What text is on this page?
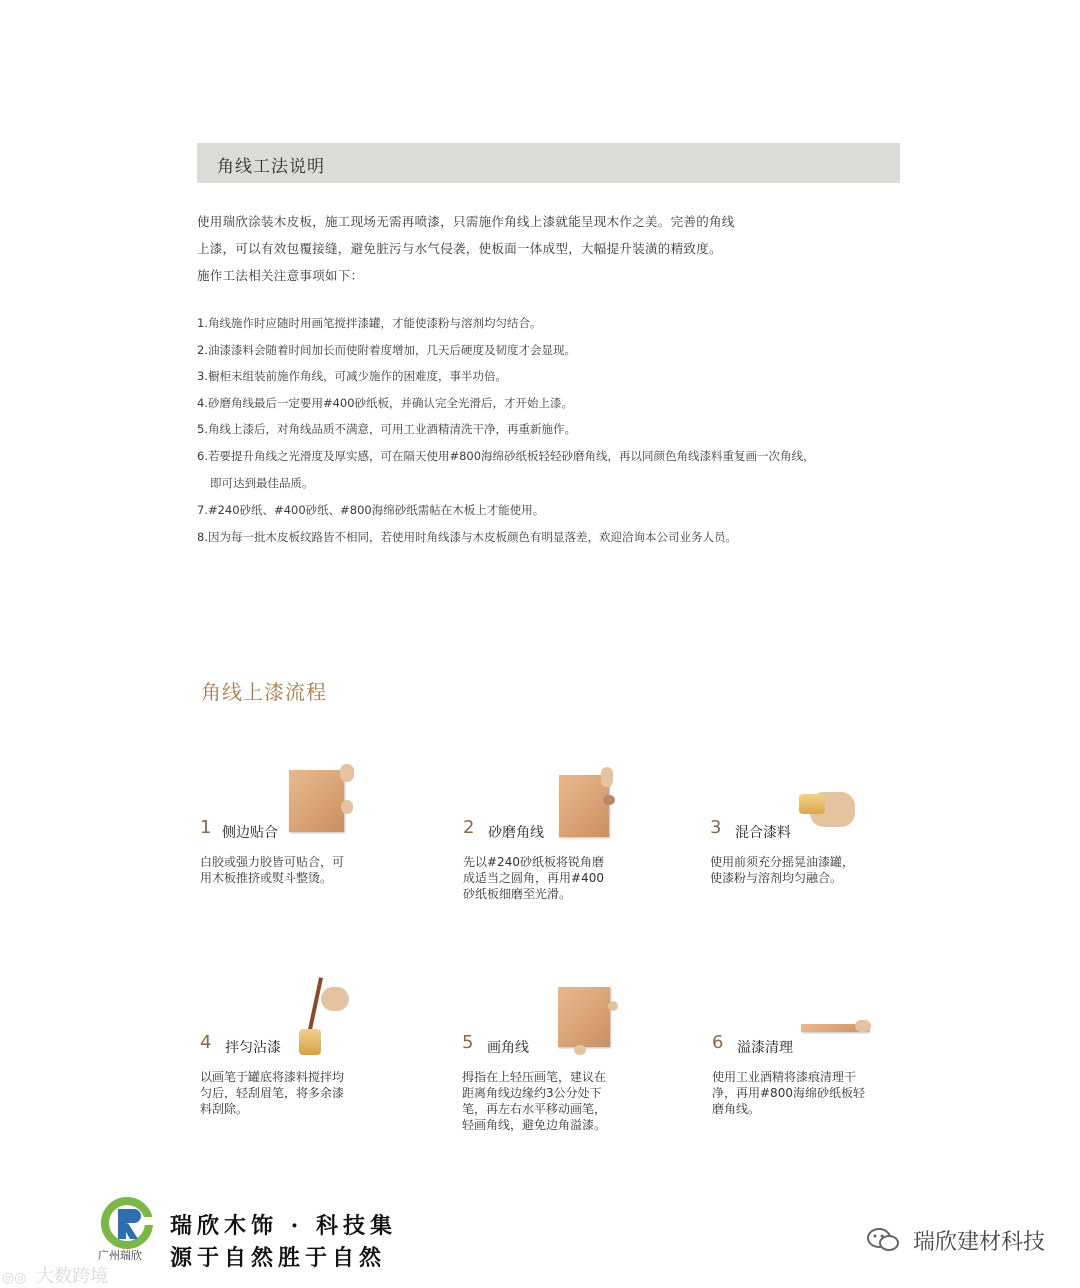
角线工法说明
使用瑞欣涂装木皮板，施工现场无需再喷漆，只需施作角线上漆就能呈现木作之美。完善的角线
上漆，可以有效包覆接缝，避免脏污与水气侵袭，使板面一体成型，大幅提升装潢的精致度。
施作工法相关注意事项如下：
1.角线施作时应随时用画笔搅拌漆罐，才能使漆粉与溶剂均匀结合。
2.油漆漆料会随着时间加长而使附着度增加，几天后硬度及韧度才会显现。
3.橱柜未组装前施作角线，可减少施作的困难度，事半功倍。
4.砂磨角线最后一定要用#400砂纸板，并确认完全光滑后，才开始上漆。
5.角线上漆后，对角线品质不满意，可用工业酒精清洗干净，再重新施作。
6.若要提升角线之光滑度及厚实感，可在隔天使用#800海绵砂纸板轻轻砂磨角线，再以同颜色角线漆料重复画一次角线，
即可达到最佳品质。
7.#240砂纸、#400砂纸、#800海绵砂纸需帖在木板上才能使用。
8.因为每一批木皮板纹路皆不相同，若使用时角线漆与木皮板颜色有明显落差，欢迎洽询本公司业务人员。
角线上漆流程
1 侧边贴合
白胶或强力胶皆可贴合，可
用木板推挤或熨斗整烫。
2 砂磨角线
先以#240砂纸板将锐角磨
成适当之圆角，再用#400
砂纸板细磨至光滑。
3 混合漆料
使用前须充分摇晃油漆罐，
使漆粉与溶剂均匀融合。
4 拌匀沾漆
以画笔于罐底将漆料搅拌均
匀后，轻刮眉笔，将多余漆
料刮除。
5 画角线
拇指在上轻压画笔，建议在
距离角线边缘约3公分处下
笔，再左右水平移动画笔，
轻画角线，避免边角溢漆。
6 溢漆清理
使用工业酒精将漆痕清理干
净，再用#800海绵砂纸板轻
磨角线。
广州瑞欣
瑞欣木饰 · 科技集
源于自然胜于自然
瑞欣建材科技
◎◎ 大数跨境
